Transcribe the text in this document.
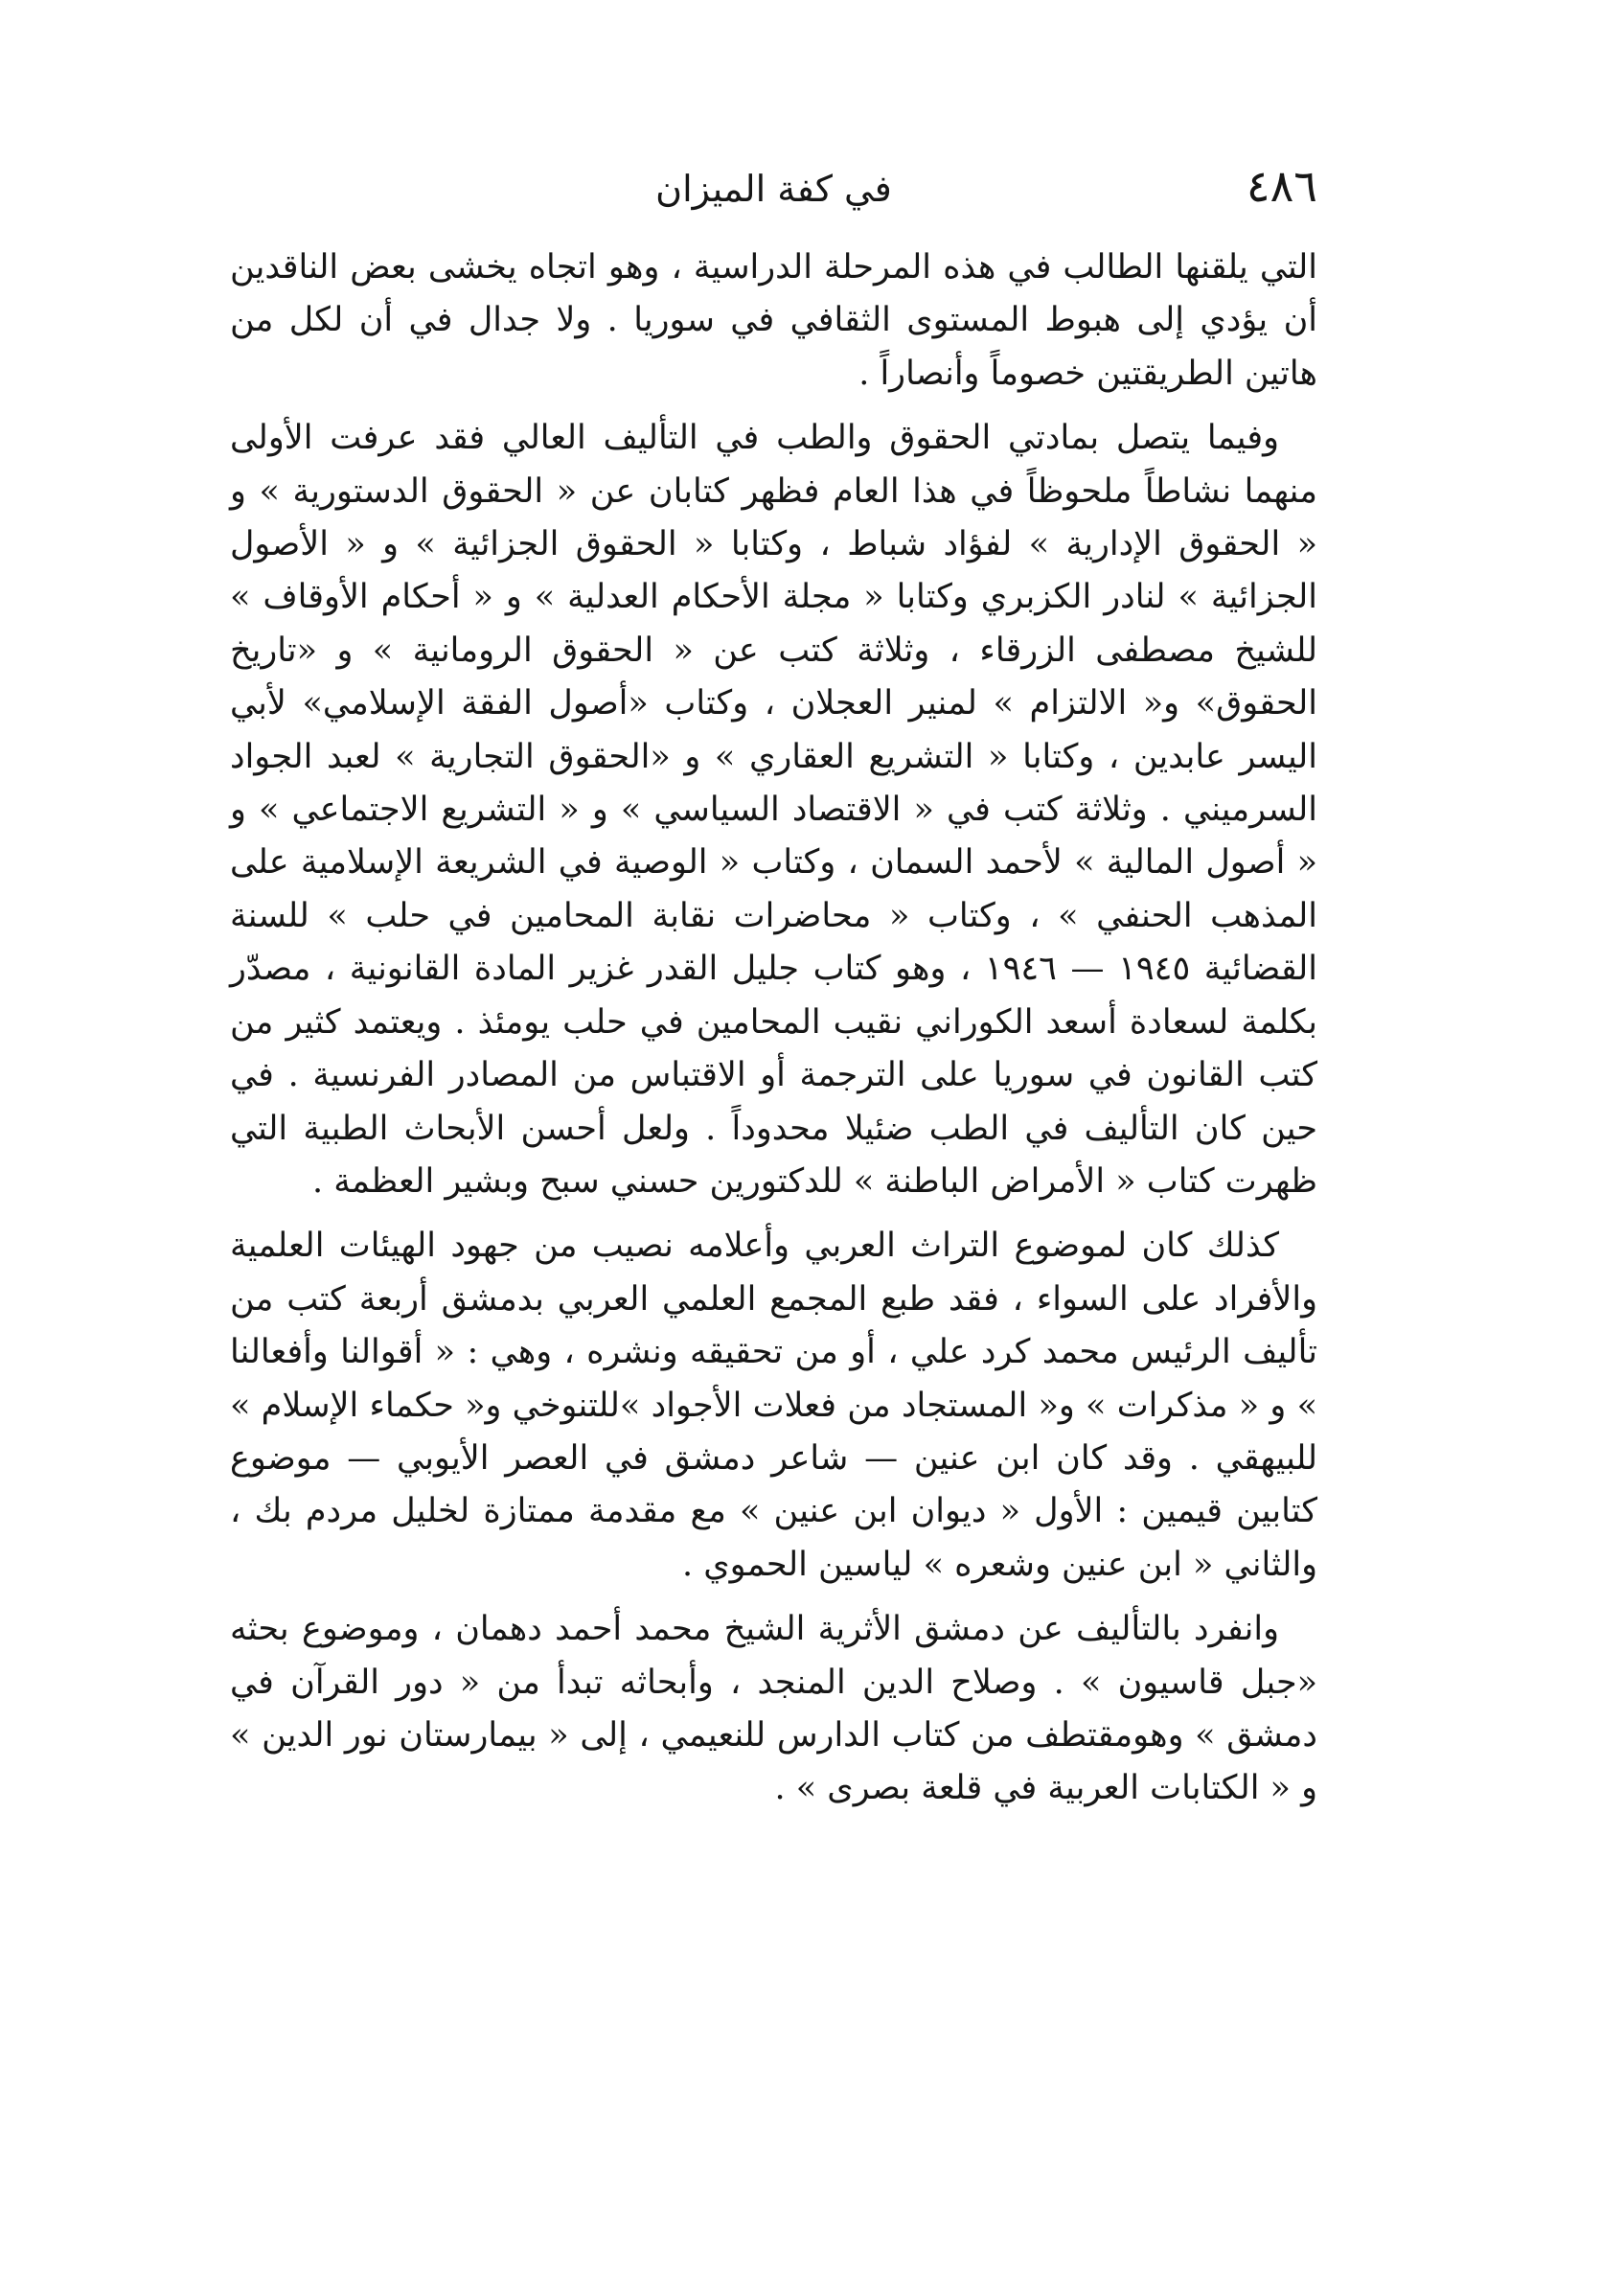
٤٨٦
في كفة الميزان

التي يلقنها الطالب في هذه المرحلة الدراسية ، وهو اتجاه يخشى بعض الناقدين أن يؤدي إلى هبوط المستوى الثقافي في سوريا . ولا جدال في أن لكل من هاتين الطريقتين خصوماً وأنصاراً .

وفيما يتصل بمادتي الحقوق والطب في التأليف العالي فقد عرفت الأولى منهما نشاطاً ملحوظاً في هذا العام فظهر كتابان عن « الحقوق الدستورية » و « الحقوق الإدارية » لفؤاد شباط ، وكتابا « الحقوق الجزائية » و « الأصول الجزائية » لنادر الكزبري وكتابا « مجلة الأحكام العدلية » و « أحكام الأوقاف » للشيخ مصطفى الزرقاء ، وثلاثة كتب عن « الحقوق الرومانية » و «تاريخ الحقوق» و« الالتزام » لمنير العجلان ، وكتاب «أصول الفقة الإسلامي» لأبي اليسر عابدين ، وكتابا « التشريع العقاري » و «الحقوق التجارية » لعبد الجواد السرميني . وثلاثة كتب في « الاقتصاد السياسي » و « التشريع الاجتماعي » و « أصول المالية » لأحمد السمان ، وكتاب « الوصية في الشريعة الإسلامية على المذهب الحنفي » ، وكتاب « محاضرات نقابة المحامين في حلب » للسنة القضائية ١٩٤٥ — ١٩٤٦ ، وهو كتاب جليل القدر غزير المادة القانونية ، مصدّر بكلمة لسعادة أسعد الكوراني نقيب المحامين في حلب يومئذ . ويعتمد كثير من كتب القانون في سوريا على الترجمة أو الاقتباس من المصادر الفرنسية . في حين كان التأليف في الطب ضئيلا محدوداً . ولعل أحسن الأبحاث الطبية التي ظهرت كتاب « الأمراض الباطنة » للدكتورين حسني سبح وبشير العظمة .

كذلك كان لموضوع التراث العربي وأعلامه نصيب من جهود الهيئات العلمية والأفراد على السواء ، فقد طبع المجمع العلمي العربي بدمشق أربعة كتب من تأليف الرئيس محمد كرد علي ، أو من تحقيقه ونشره ، وهي : « أقوالنا وأفعالنا » و « مذكرات » و« المستجاد من فعلات الأجواد »للتنوخي و« حكماء الإسلام » للبيهقي . وقد كان ابن عنين — شاعر دمشق في العصر الأيوبي — موضوع كتابين قيمين : الأول « ديوان ابن عنين » مع مقدمة ممتازة لخليل مردم بك ، والثاني « ابن عنين وشعره » لياسين الحموي .

وانفرد بالتأليف عن دمشق الأثرية الشيخ محمد أحمد دهمان ، وموضوع بحثه «جبل قاسيون » . وصلاح الدين المنجد ، وأبحاثه تبدأ من « دور القرآن في دمشق » وهومقتطف من كتاب الدارس للنعيمي ، إلى « بيمارستان نور الدين » و « الكتابات العربية في قلعة بصرى » .
